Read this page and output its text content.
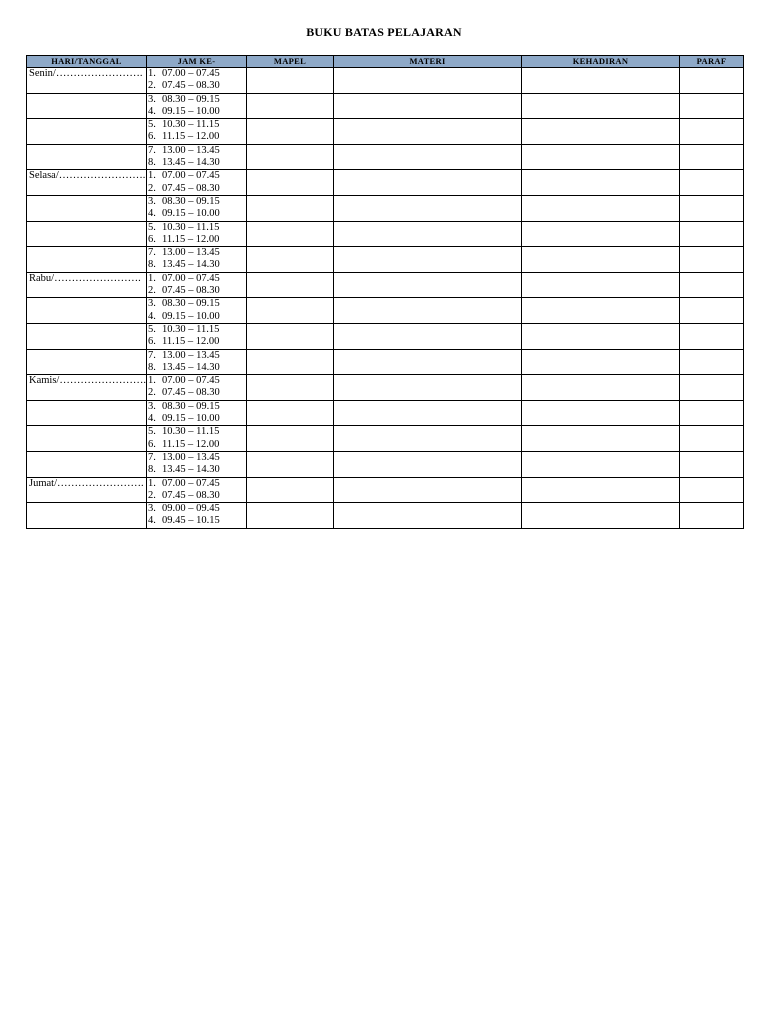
BUKU BATAS PELAJARAN
HARI/TANGGAL	JAM KE-	MAPEL	MATERI	KEHADIRAN	PARAF

Senin/…………………….	1. 07.00 – 07.45
2. 07.45 – 08.30				

	3. 08.30 – 09.15
4. 09.15 – 10.00				

	5. 10.30 – 11.15
6. 11.15 – 12.00				

	7. 13.00 – 13.45
8. 13.45 – 14.30				

Selasa/…………………….	1. 07.00 – 07.45
2. 07.45 – 08.30				

	3. 08.30 – 09.15
4. 09.15 – 10.00				

	5. 10.30 – 11.15
6. 11.15 – 12.00				

	7. 13.00 – 13.45
8. 13.45 – 14.30				

Rabu/…………………….	1. 07.00 – 07.45
2. 07.45 – 08.30				

	3. 08.30 – 09.15
4. 09.15 – 10.00				

	5. 10.30 – 11.15
6. 11.15 – 12.00				

	7. 13.00 – 13.45
8. 13.45 – 14.30				

Kamis/…………………….	1. 07.00 – 07.45
2. 07.45 – 08.30				

	3. 08.30 – 09.15
4. 09.15 – 10.00				

	5. 10.30 – 11.15
6. 11.15 – 12.00				

	7. 13.00 – 13.45
8. 13.45 – 14.30				

Jumat/…………………….	1. 07.00 – 07.45
2. 07.45 – 08.30				

	3. 09.00 – 09.45
4. 09.45 – 10.15				
